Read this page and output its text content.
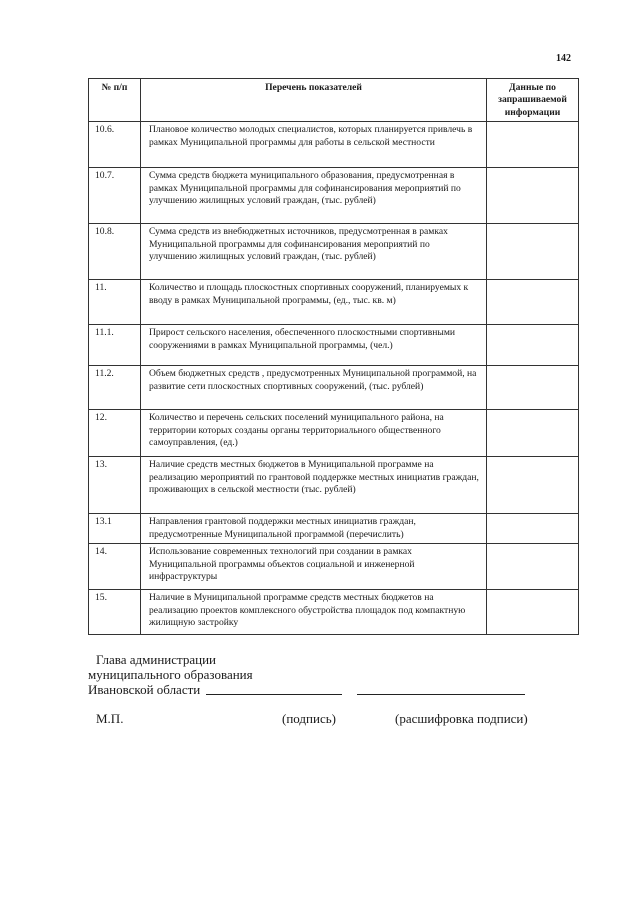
142
№ п/п	Перечень показателей	Данные по запрашиваемой информации
10.6.	Плановое количество молодых специалистов, которых планируется привлечь в рамках Муниципальной программы для работы в сельской местности	
10.7.	Сумма средств бюджета муниципального образования, предусмотренная в рамках Муниципальной программы для софинансирования мероприятий по улучшению жилищных условий граждан, (тыс. рублей)	
10.8.	Сумма средств из внебюджетных источников, предусмотренная в рамках Муниципальной программы для софинансирования мероприятий по улучшению жилищных условий граждан, (тыс. рублей)	
11.	Количество и площадь плоскостных спортивных сооружений, планируемых к вводу в рамках Муниципальной программы, (ед., тыс. кв. м)	
11.1.	Прирост сельского населения, обеспеченного плоскостными спортивными сооружениями в рамках Муниципальной программы, (чел.)	
11.2.	Объем бюджетных средств , предусмотренных Муниципальной программой, на развитие сети плоскостных спортивных сооружений, (тыс. рублей)	
12.	Количество и перечень сельских поселений муниципального района, на территории которых созданы органы территориального общественного самоуправления, (ед.)	
13.	Наличие средств местных бюджетов в Муниципальной программе на реализацию мероприятий по грантовой поддержке местных инициатив граждан, проживающих в сельской местности (тыс. рублей)	
13.1	Направления грантовой поддержки местных инициатив граждан, предусмотренные Муниципальной программой (перечислить)	
14.	Использование современных технологий при создании в рамках Муниципальной программы объектов социальной и инженерной инфраструктуры	
15.	Наличие в Муниципальной программе средств местных бюджетов на реализацию проектов комплексного обустройства площадок под компактную жилищную застройку	
Глава администрации
муниципального образования
Ивановской области
М.П.	(подпись)	(расшифровка подписи)
